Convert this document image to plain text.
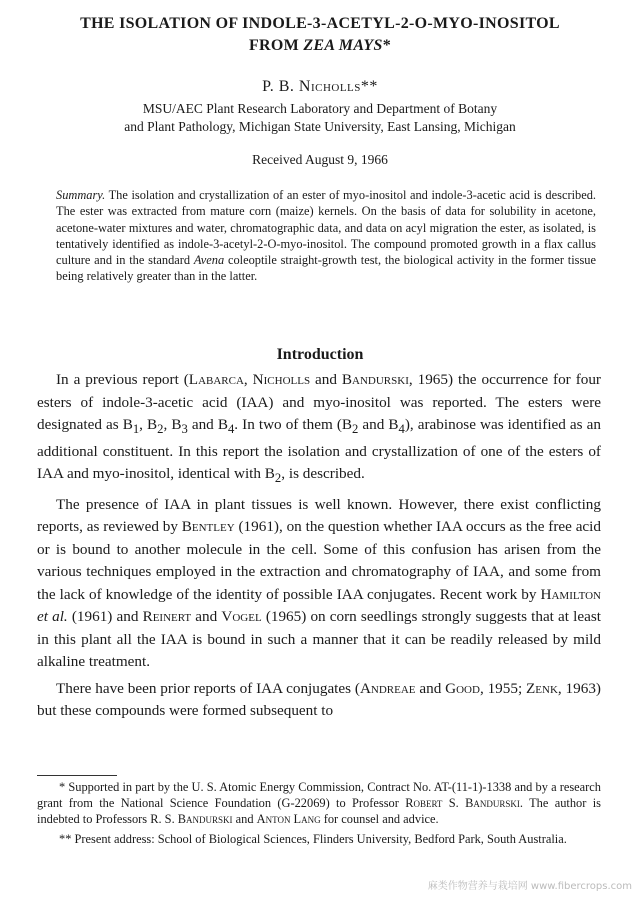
THE ISOLATION OF INDOLE-3-ACETYL-2-O-MYO-INOSITOL
FROM ZEA MAYS*
P. B. Nicholls**
MSU/AEC Plant Research Laboratory and Department of Botany
and Plant Pathology, Michigan State University, East Lansing, Michigan
Received August 9, 1966
Summary. The isolation and crystallization of an ester of myo-inositol and indole-3-acetic acid is described. The ester was extracted from mature corn (maize) kernels. On the basis of data for solubility in acetone, acetone-water mixtures and water, chromatographic data, and data on acyl migration the ester, as isolated, is tentatively identified as indole-3-acetyl-2-O-myo-inositol. The compound promoted growth in a flax callus culture and in the standard Avena coleoptile straight-growth test, the biological activity in the former tissue being relatively greater than in the latter.
Introduction

In a previous report (Labarca, Nicholls and Bandurski, 1965) the occurrence for four esters of indole-3-acetic acid (IAA) and myo-inositol was reported. The esters were designated as $B_1$, $B_2$, $B_3$ and $B_4$. In two of them ($B_2$ and $B_4$), arabinose was identified as an additional constituent. In this report the isolation and crystallization of one of the esters of IAA and myo-inositol, identical with $B_2$, is described.

The presence of IAA in plant tissues is well known. However, there exist conflicting reports, as reviewed by Bentley (1961), on the question whether IAA occurs as the free acid or is bound to another molecule in the cell. Some of this confusion has arisen from the various techniques employed in the extraction and chromatography of IAA, and some from the lack of knowledge of the identity of possible IAA conjugates. Recent work by Hamilton et al. (1961) and Reinert and Vogel (1965) on corn seedlings strongly suggests that at least in this plant all the IAA is bound in such a manner that it can be readily released by mild alkaline treatment.

There have been prior reports of IAA conjugates (Andreae and Good, 1955; Zenk, 1963) but these compounds were formed subsequent to

* Supported in part by the U. S. Atomic Energy Commission, Contract No. AT-(11-1)-1338 and by a research grant from the National Science Foundation (G-22069) to Professor Robert S. Bandurski. The author is indebted to Professors R. S. Bandurski and Anton Lang for counsel and advice.

** Present address: School of Biological Sciences, Flinders University, Bedford Park, South Australia.

麻类作物营养与栽培网 www.fibercrops.com
